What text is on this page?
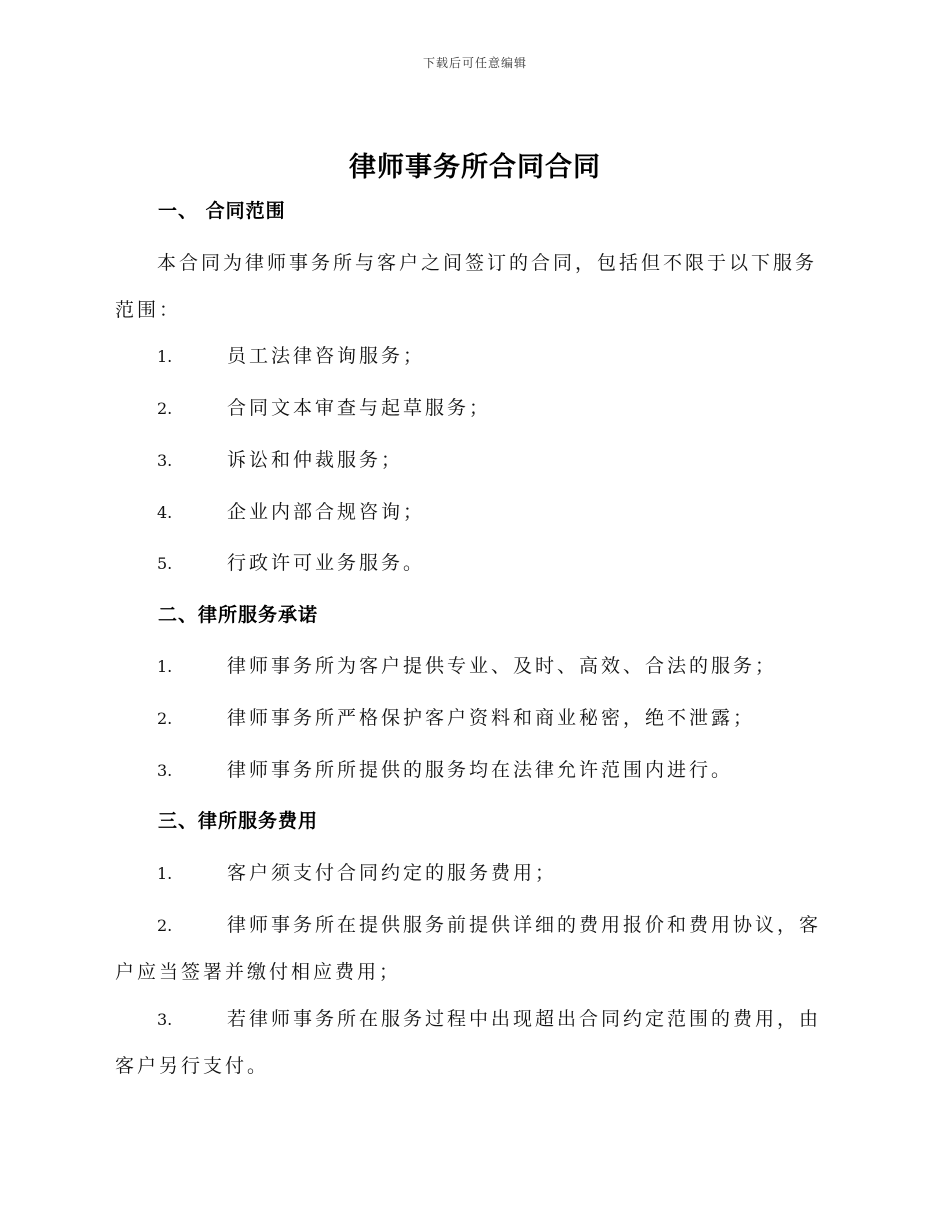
下载后可任意编辑
律师事务所合同合同
一、 合同范围
本合同为律师事务所与客户之间签订的合同，包括但不限于以下服务范围：
1.	员工法律咨询服务；
2.	合同文本审查与起草服务；
3.	诉讼和仲裁服务；
4.	企业内部合规咨询；
5.	行政许可业务服务。
二、律所服务承诺
1.	律师事务所为客户提供专业、及时、高效、合法的服务；
2.	律师事务所严格保护客户资料和商业秘密，绝不泄露；
3.	律师事务所所提供的服务均在法律允许范围内进行。
三、律所服务费用
1.	客户须支付合同约定的服务费用；
2.	律师事务所在提供服务前提供详细的费用报价和费用协议，客户应当签署并缴付相应费用；
3.	若律师事务所在服务过程中出现超出合同约定范围的费用，由客户另行支付。
